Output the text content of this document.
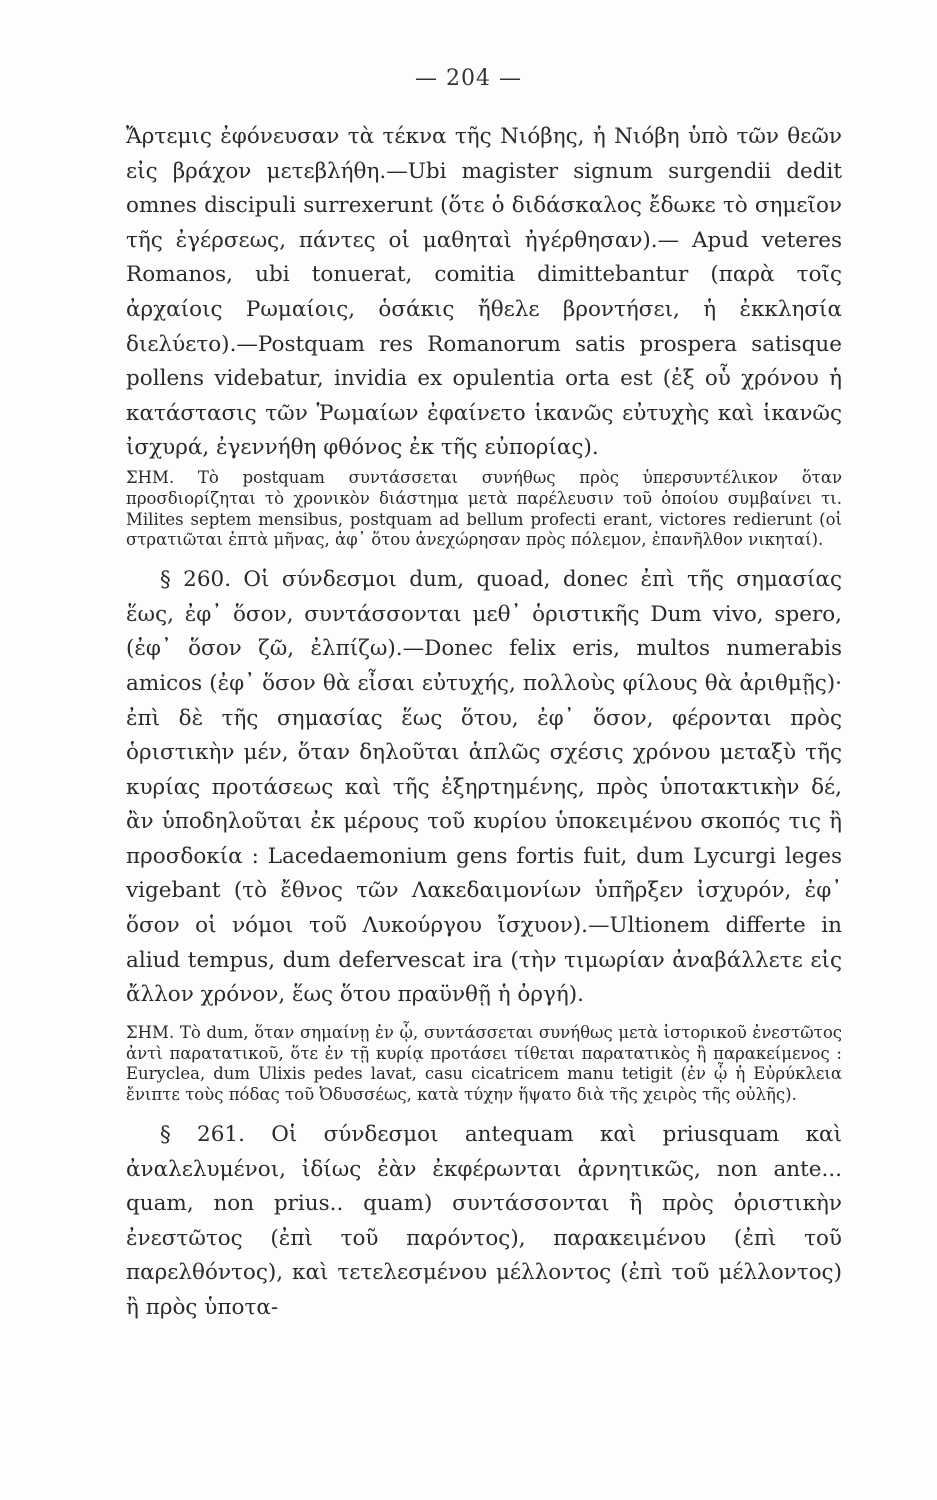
— 204 —

Ἄρτεμις ἐφόνευσαν τὰ τέκνα τῆς Νιόβης, ἡ Νιόβη ὑπὸ τῶν θεῶν εἰς βράχον μετεβλήθη.—Ubi magister signum surgendii dedit omnes discipuli surrexerunt (ὅτε ὁ διδάσκαλος ἔδωκε τὸ σημεῖον τῆς ἐγέρσεως, πάντες οἱ μαθηταὶ ἠγέρθησαν).— Apud veteres Romanos, ubi tonuerat, comitia dimittebantur (παρὰ τοῖς ἀρχαίοις Ρωμαίοις, ὁσάκις ἤθελε βροντήσει, ἡ ἐκκλησία διελύετο).—Postquam res Romanorum satis prospera satisque pollens videbatur, invidia ex opulentia orta est (ἐξ οὗ χρόνου ἡ κατάστασις τῶν Ῥωμαίων ἐφαίνετο ἱκανῶς εὐτυχὴς καὶ ἱκανῶς ἰσχυρά, ἐγεννήθη φθόνος ἐκ τῆς εὐπορίας).

ΣΗΜ. Τὸ postquam συντάσσεται συνήθως πρὸς ὑπερσυντέλικον ὅταν προσδιορίζηται τὸ χρονικὸν διάστημα μετὰ παρέλευσιν τοῦ ὁποίου συμβαίνει τι. Milites septem mensibus, postquam ad bellum profecti erant, victores redierunt (οἱ στρατιῶται ἑπτὰ μῆνας, ἀφ᾽ ὅτου ἀνεχώρησαν πρὸς πόλεμον, ἐπανῆλθον νικηταί).

§ 260. Οἱ σύνδεσμοι dum, quoad, donec ἐπὶ τῆς σημασίας ἕως, ἐφ᾽ ὅσον, συντάσσονται μεθ᾽ ὁριστικῆς Dum vivo, spero, (ἐφ᾽ ὅσον ζῶ, ἐλπίζω).—Donec felix eris, multos numerabis amicos (ἐφ᾽ ὅσον θὰ εἶσαι εὐτυχής, πολλοὺς φίλους θὰ ἀριθμῇς)· ἐπὶ δὲ τῆς σημασίας ἕως ὅτου, ἐφ᾽ ὅσον, φέρονται πρὸς ὁριστικὴν μέν, ὅταν δηλοῦται ἁπλῶς σχέσις χρόνου μεταξὺ τῆς κυρίας προτάσεως καὶ τῆς ἐξηρτημένης, πρὸς ὑποτακτικὴν δέ, ἂν ὑποδηλοῦται ἐκ μέρους τοῦ κυρίου ὑποκειμένου σκοπός τις ἢ προσδοκία : Lacedaemonium gens fortis fuit, dum Lycurgi leges vigebant (τὸ ἔθνος τῶν Λακεδαιμονίων ὑπῆρξεν ἰσχυρόν, ἐφ᾽ ὅσον οἱ νόμοι τοῦ Λυκούργου ἴσχυον).—Ultionem differte in aliud tempus, dum defervescat ira (τὴν τιμωρίαν ἀναβάλλετε εἰς ἄλλον χρόνον, ἕως ὅτου πραϋνθῇ ἡ ὀργή).

ΣΗΜ. Τὸ dum, ὅταν σημαίνῃ ἐν ᾧ, συντάσσεται συνήθως μετὰ ἱστορικοῦ ἐνεστῶτος ἀντὶ παρατατικοῦ, ὅτε ἐν τῇ κυρίᾳ προτάσει τίθεται παρατατικὸς ἢ παρακείμενος : Euryclea, dum Ulixis pedes lavat, casu cicatricem manu tetigit (ἐν ᾧ ἡ Εὐρύκλεια ἔνιπτε τοὺς πόδας τοῦ Ὀδυσσέως, κατὰ τύχην ἥψατο διὰ τῆς χειρὸς τῆς οὐλῆς).

§ 261. Οἱ σύνδεσμοι antequam καὶ priusquam καὶ ἀναλελυμένοι, ἰδίως ἐὰν ἐκφέρωνται ἀρνητικῶς, non ante... quam, non prius.. quam) συντάσσονται ἢ πρὸς ὁριστικὴν ἐνεστῶτος (ἐπὶ τοῦ παρόντος), παρακειμένου (ἐπὶ τοῦ παρελθόντος), καὶ τετελεσμένου μέλλοντος (ἐπὶ τοῦ μέλλοντος) ἢ πρὸς ὑποτα-
